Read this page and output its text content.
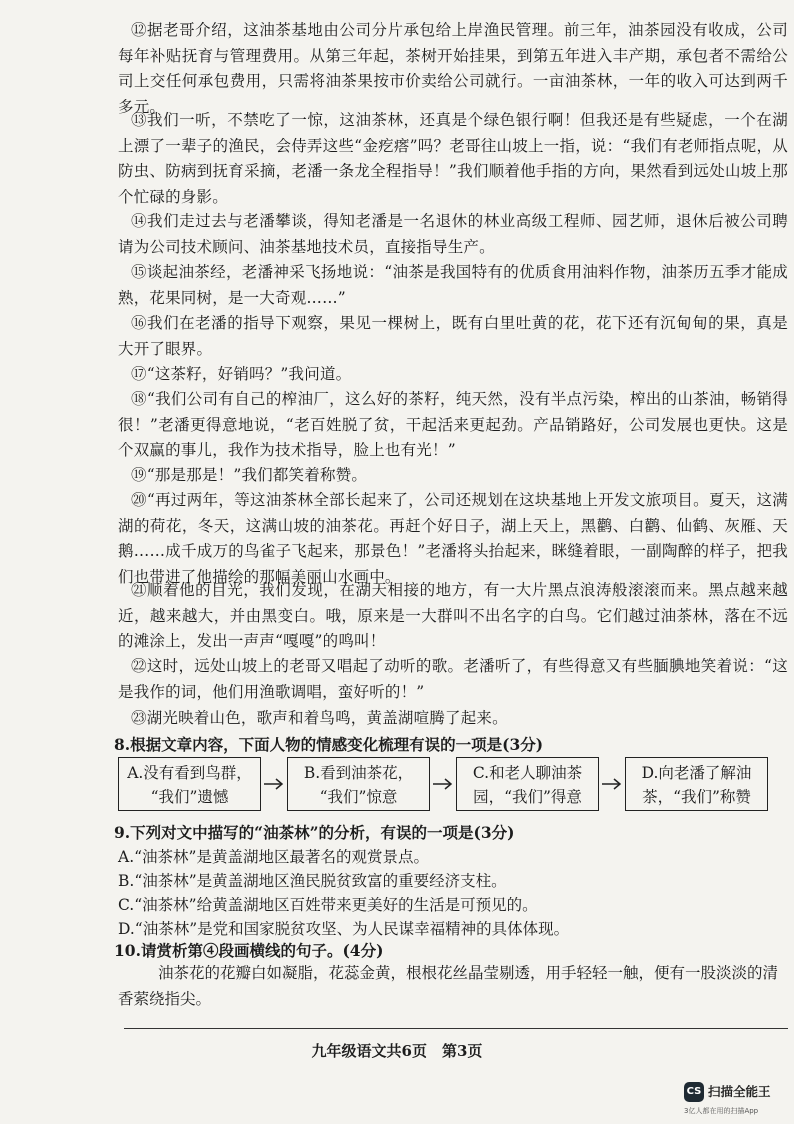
⑫据老哥介绍，这油茶基地由公司分片承包给上岸渔民管理。前三年，油茶园没有收成，公司每年补贴抚育与管理费用。从第三年起，茶树开始挂果，到第五年进入丰产期，承包者不需给公司上交任何承包费用，只需将油茶果按市价卖给公司就行。一亩油茶林，一年的收入可达到两千多元。

⑬我们一听，不禁吃了一惊，这油茶林，还真是个绿色银行啊！但我还是有些疑虑，一个在湖上漂了一辈子的渔民，会侍弄这些“金疙瘩”吗？老哥往山坡上一指，说：“我们有老师指点呢，从防虫、防病到抚育采摘，老潘一条龙全程指导！”我们顺着他手指的方向，果然看到远处山坡上那个忙碌的身影。

⑭我们走过去与老潘攀谈，得知老潘是一名退休的林业高级工程师、园艺师，退休后被公司聘请为公司技术顾问、油茶基地技术员，直接指导生产。

⑮谈起油茶经，老潘神采飞扬地说：“油茶是我国特有的优质食用油料作物，油茶历五季才能成熟，花果同树，是一大奇观……”

⑯我们在老潘的指导下观察，果见一棵树上，既有白里吐黄的花，花下还有沉甸甸的果，真是大开了眼界。

⑰“这茶籽，好销吗？”我问道。

⑱“我们公司有自己的榨油厂，这么好的茶籽，纯天然，没有半点污染，榨出的山茶油，畅销得很！”老潘更得意地说，“老百姓脱了贫，干起活来更起劲。产品销路好，公司发展也更快。这是个双赢的事儿，我作为技术指导，脸上也有光！”

⑲“那是那是！”我们都笑着称赞。

⑳“再过两年，等这油茶林全部长起来了，公司还规划在这块基地上开发文旅项目。夏天，这满湖的荷花，冬天，这满山坡的油茶花。再赶个好日子，湖上天上，黑鹳、白鹳、仙鹤、灰雁、天鹅……成千成万的鸟雀子飞起来，那景色！”老潘将头抬起来，眯缝着眼，一副陶醉的样子，把我们也带进了他描绘的那幅美丽山水画中。

㉑顺着他的目光，我们发现，在湖天相接的地方，有一大片黑点浪涛般滚滚而来。黑点越来越近，越来越大，并由黑变白。哦，原来是一大群叫不出名字的白鸟。它们越过油茶林，落在不远的滩涂上，发出一声声“嘎嘎”的鸣叫！

㉒这时，远处山坡上的老哥又唱起了动听的歌。老潘听了，有些得意又有些腼腆地笑着说：“这是我作的词，他们用渔歌调唱，蛮好听的！”

㉓湖光映着山色，歌声和着鸟鸣，黄盖湖喧腾了起来。

8.根据文章内容，下面人物的情感变化梳理有误的一项是(3分)

A.没有看到鸟群，
“我们”遗憾
B.看到油茶花，
“我们”惊意
C.和老人聊油茶
园，“我们”得意
D.向老潘了解油
茶，“我们”称赞

9.下列对文中描写的“油茶林”的分析，有误的一项是(3分)

A.“油茶林”是黄盖湖地区最著名的观赏景点。

B.“油茶林”是黄盖湖地区渔民脱贫致富的重要经济支柱。

C.“油茶林”给黄盖湖地区百姓带来更美好的生活是可预见的。

D.“油茶林”是党和国家脱贫攻坚、为人民谋幸福精神的具体体现。

10.请赏析第④段画横线的句子。(4分)

油茶花的花瓣白如凝脂，花蕊金黄，根根花丝晶莹剔透，用手轻轻一触，便有一股淡淡的清香萦绕指尖。

九年级语文共6页　第3页
CS 扫描全能王
3亿人都在用的扫描App
